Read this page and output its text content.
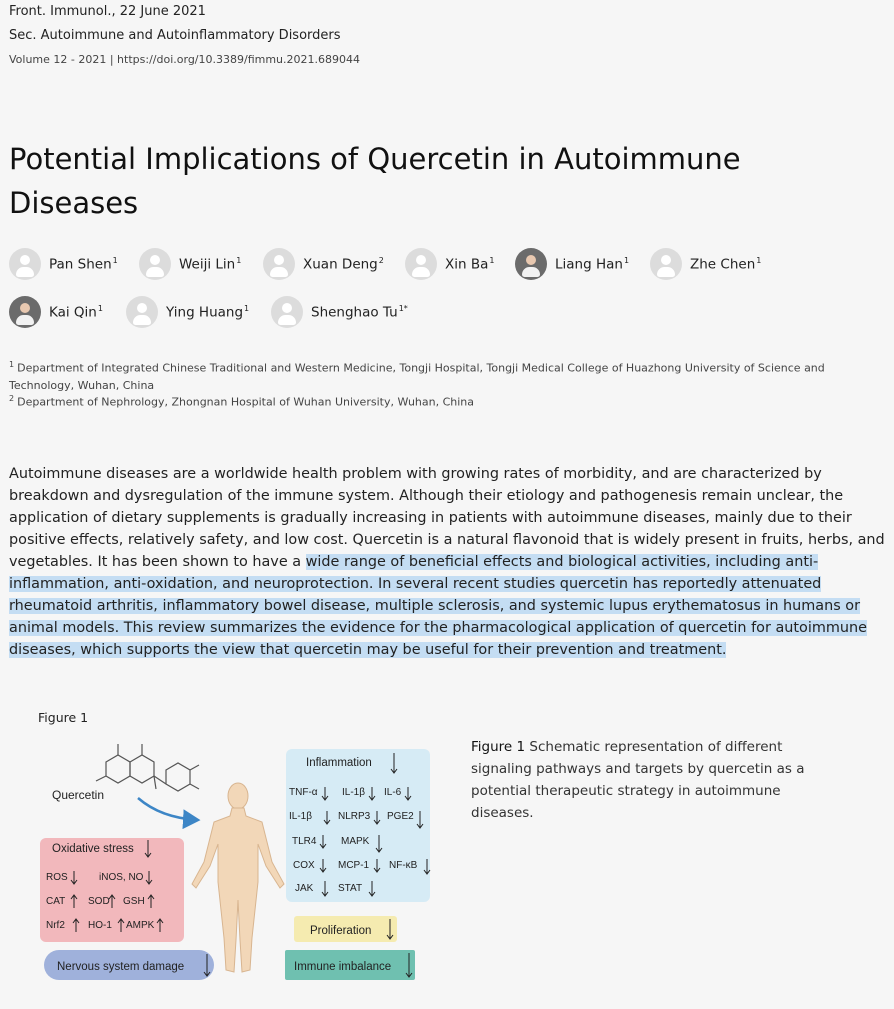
Front. Immunol., 22 June 2021
Sec. Autoimmune and Autoinflammatory Disorders
Volume 12 - 2021 | https://doi.org/10.3389/fimmu.2021.689044
Potential Implications of Quercetin in Autoimmune Diseases
Pan Shen$^1$	Weiji Lin$^1$	Xuan Deng$^2$	Xin Ba$^1$	Liang Han$^1$	Zhe Chen$^1$
Kai Qin$^1$	Ying Huang$^1$	Shenghao $Tu^{1*}$
$^1$ Department of Integrated Chinese Traditional and Western Medicine, Tongji Hospital, Tongji Medical College of Huazhong University of Science and Technology, Wuhan, China
$^2$ Department of Nephrology, Zhongnan Hospital of Wuhan University, Wuhan, China
Autoimmune diseases are a worldwide health problem with growing rates of morbidity, and are characterized by breakdown and dysregulation of the immune system. Although their etiology and pathogenesis remain unclear, the application of dietary supplements is gradually increasing in patients with autoimmune diseases, mainly due to their positive effects, relatively safety, and low cost. Quercetin is a natural flavonoid that is widely present in fruits, herbs, and vegetables. It has been shown to have a wide range of beneficial effects and biological activities, including anti-inflammation, anti-oxidation, and neuroprotection. In several recent studies quercetin has reportedly attenuated rheumatoid arthritis, inflammatory bowel disease, multiple sclerosis, and systemic lupus erythematosus in humans or animal models. This review summarizes the evidence for the pharmacological application of quercetin for autoimmune diseases, which supports the view that quercetin may be useful for their prevention and treatment.
Figure 1
Quercetin
Oxidative stress
ROS	iNOS, NO
CAT SOD GSH
Nrf2 HO-1 AMPK
Nervous system damage
Inflammation
TNF-α IL-1β IL-6
IL-1β	NLRP3 PGE2
TLR4 MAPK
COX MCP-1 NF-κB
JAK STAT
Proliferation
Immune imbalance
Figure 1 Schematic representation of different signaling pathways and targets by quercetin as a potential therapeutic strategy in autoimmune diseases.
